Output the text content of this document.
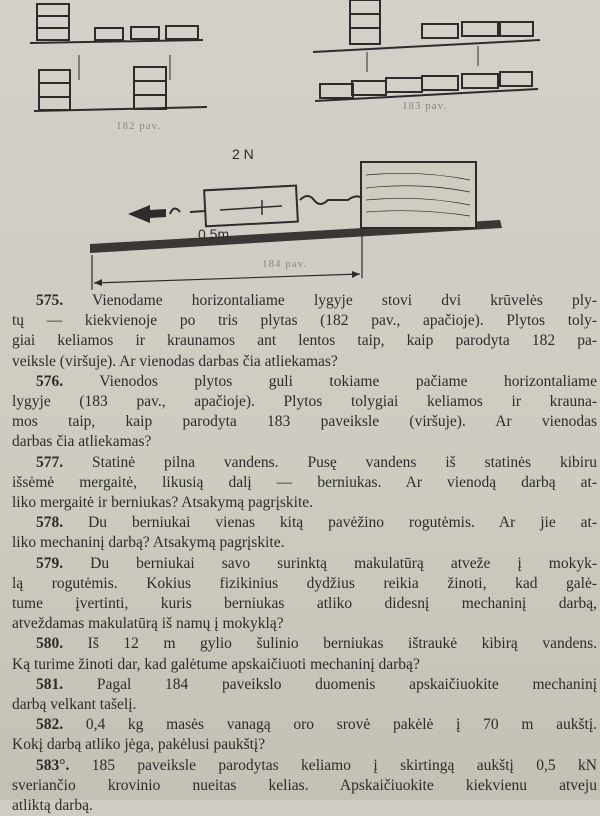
182 pav.
183 pav.
184 pav.
2 N
0,5m
575. Vienodame horizontaliame lygyje stovi dvi krūvelės ply-
tų — kiekvienoje po tris plytas (182 pav., apačioje). Plytos toly-
giai keliamos ir kraunamos ant lentos taip, kaip parodyta 182 pa-
veiksle (viršuje). Ar vienodas darbas čia atliekamas?
576. Vienodos plytos guli tokiame pačiame horizontaliame
lygyje (183 pav., apačioje). Plytos tolygiai keliamos ir krauna-
mos taip, kaip parodyta 183 paveiksle (viršuje). Ar vienodas
darbas čia atliekamas?
577. Statinė pilna vandens. Pusę vandens iš statinės kibiru
išsėmė mergaitė, likusią dalį — berniukas. Ar vienodą darbą at-
liko mergaitė ir berniukas? Atsakymą pagrįskite.
578. Du berniukai vienas kitą pavėžino rogutėmis. Ar jie at-
liko mechaninį darbą? Atsakymą pagrįskite.
579. Du berniukai savo surinktą makulatūrą atveže į mokyk-
lą rogutėmis. Kokius fizikinius dydžius reikia žinoti, kad galė-
tume įvertinti, kuris berniukas atliko didesnį mechaninį darbą,
atveždamas makulatūrą iš namų į mokyklą?
580. Iš 12 m gylio šulinio berniukas ištraukė kibirą vandens.
Ką turime žinoti dar, kad galėtume apskaičiuoti mechaninį darbą?
581. Pagal 184 paveikslo duomenis apskaičiuokite mechaninį
darbą velkant tašelį.
582. 0,4 kg masės vanagą oro srovė pakėlė į 70 m aukštį.
Kokį darbą atliko jėga, pakėlusi paukštį?
583°. 185 paveiksle parodytas keliamo į skirtingą aukštį 0,5 kN
sveriančio krovinio nueitas kelias. Apskaičiuokite kiekvienu atveju
atliktą darbą.
